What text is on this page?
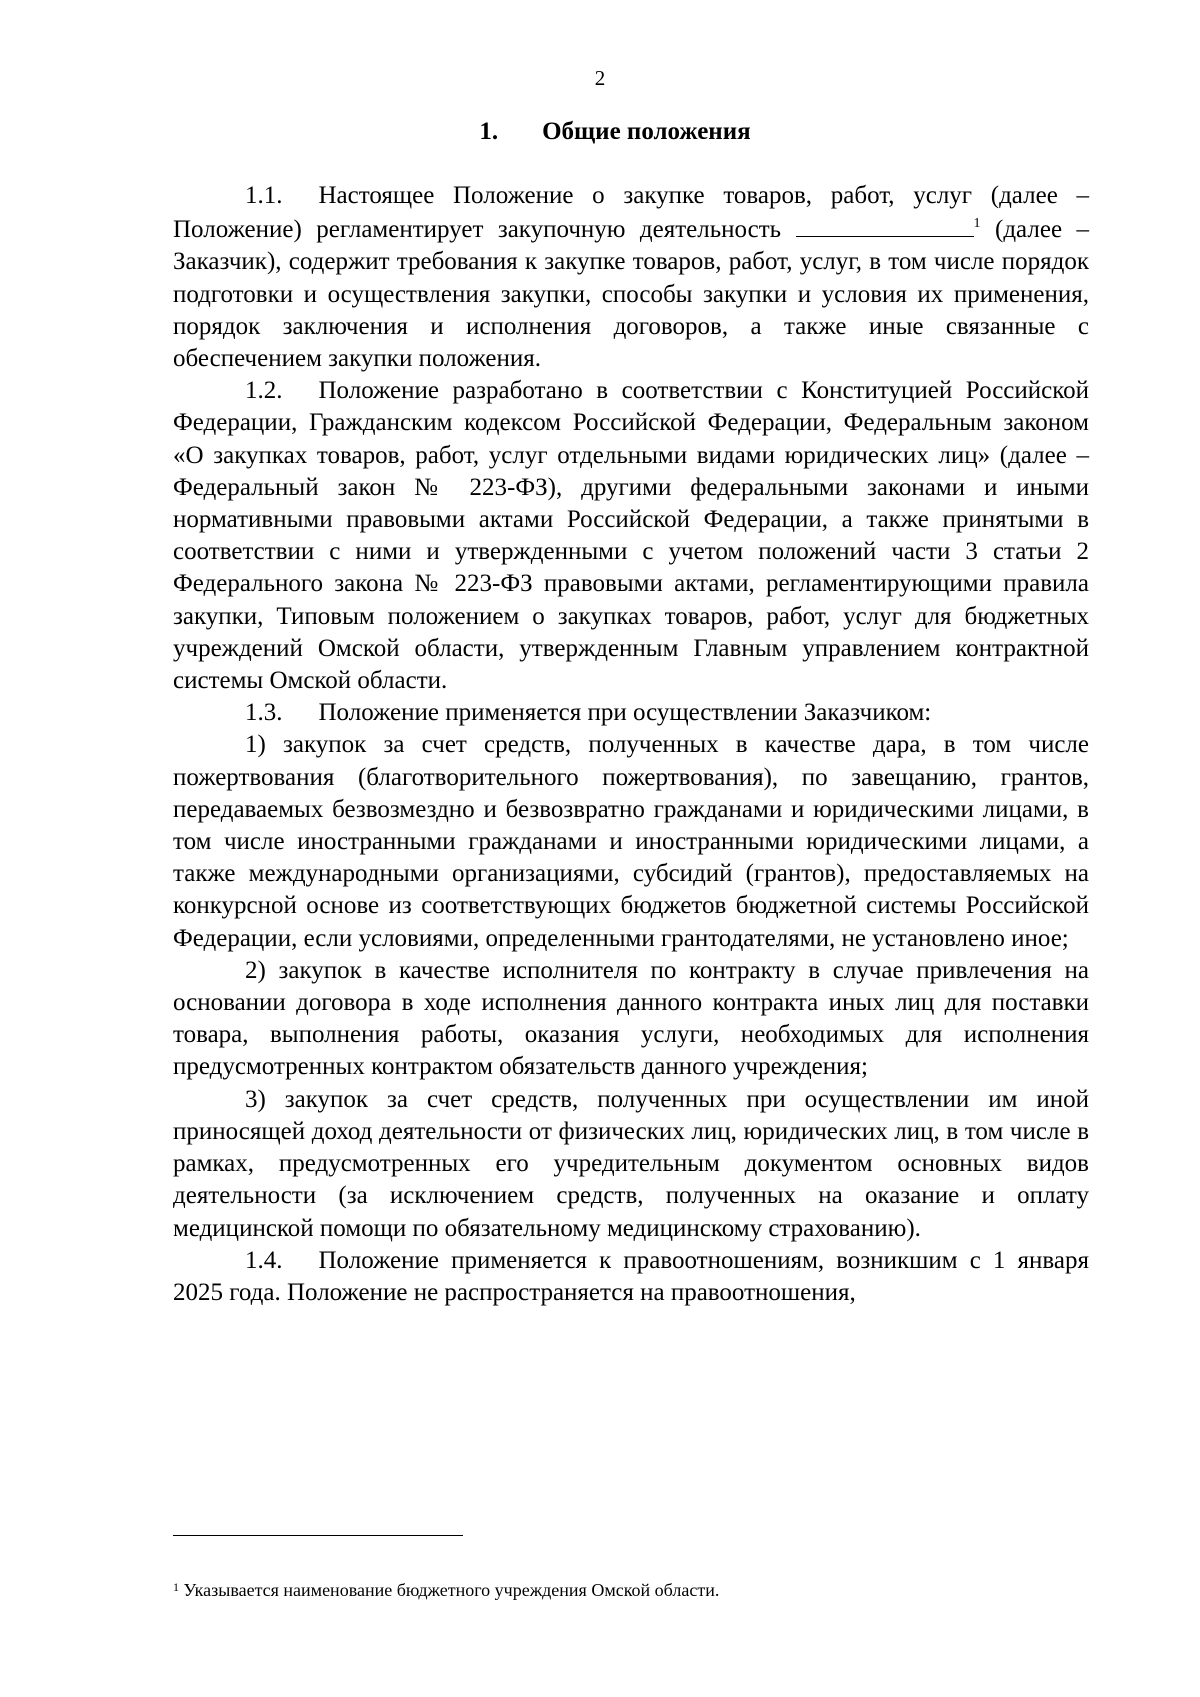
2
1. Общие положения

1.1. Настоящее Положение о закупке товаров, работ, услуг (далее – Положение) регламентирует закупочную деятельность	$^1$ (далее – Заказчик), содержит требования к закупке товаров, работ, услуг, в том числе порядок подготовки и осуществления закупки, способы закупки и условия их применения, порядок заключения и исполнения договоров, а также иные связанные с обеспечением закупки положения.

1.2. Положение разработано в соответствии с Конституцией Российской Федерации, Гражданским кодексом Российской Федерации, Федеральным законом «О закупках товаров, работ, услуг отдельными видами юридических лиц» (далее – Федеральный закон № 223-ФЗ), другими федеральными законами и иными нормативными правовыми актами Российской Федерации, а также принятыми в соответствии с ними и утвержденными с учетом положений части 3 статьи 2 Федерального закона № 223-ФЗ правовыми актами, регламентирующими правила закупки, Типовым положением о закупках товаров, работ, услуг для бюджетных учреждений Омской области, утвержденным Главным управлением контрактной системы Омской области.

1.3. Положение применяется при осуществлении Заказчиком:

1) закупок за счет средств, полученных в качестве дара, в том числе пожертвования (благотворительного пожертвования), по завещанию, грантов, передаваемых безвозмездно и безвозвратно гражданами и юридическими лицами, в том числе иностранными гражданами и иностранными юридическими лицами, а также международными организациями, субсидий (грантов), предоставляемых на конкурсной основе из соответствующих бюджетов бюджетной системы Российской Федерации, если условиями, определенными грантодателями, не установлено иное;

2) закупок в качестве исполнителя по контракту в случае привлечения на основании договора в ходе исполнения данного контракта иных лиц для поставки товара, выполнения работы, оказания услуги, необходимых для исполнения предусмотренных контрактом обязательств данного учреждения;

3) закупок за счет средств, полученных при осуществлении им иной приносящей доход деятельности от физических лиц, юридических лиц, в том числе в рамках, предусмотренных его учредительным документом основных видов деятельности (за исключением средств, полученных на оказание и оплату медицинской помощи по обязательному медицинскому страхованию).

1.4. Положение применяется к правоотношениям, возникшим с 1 января 2025 года. Положение не распространяется на правоотношения,

$^1$ Указывается наименование бюджетного учреждения Омской области.
